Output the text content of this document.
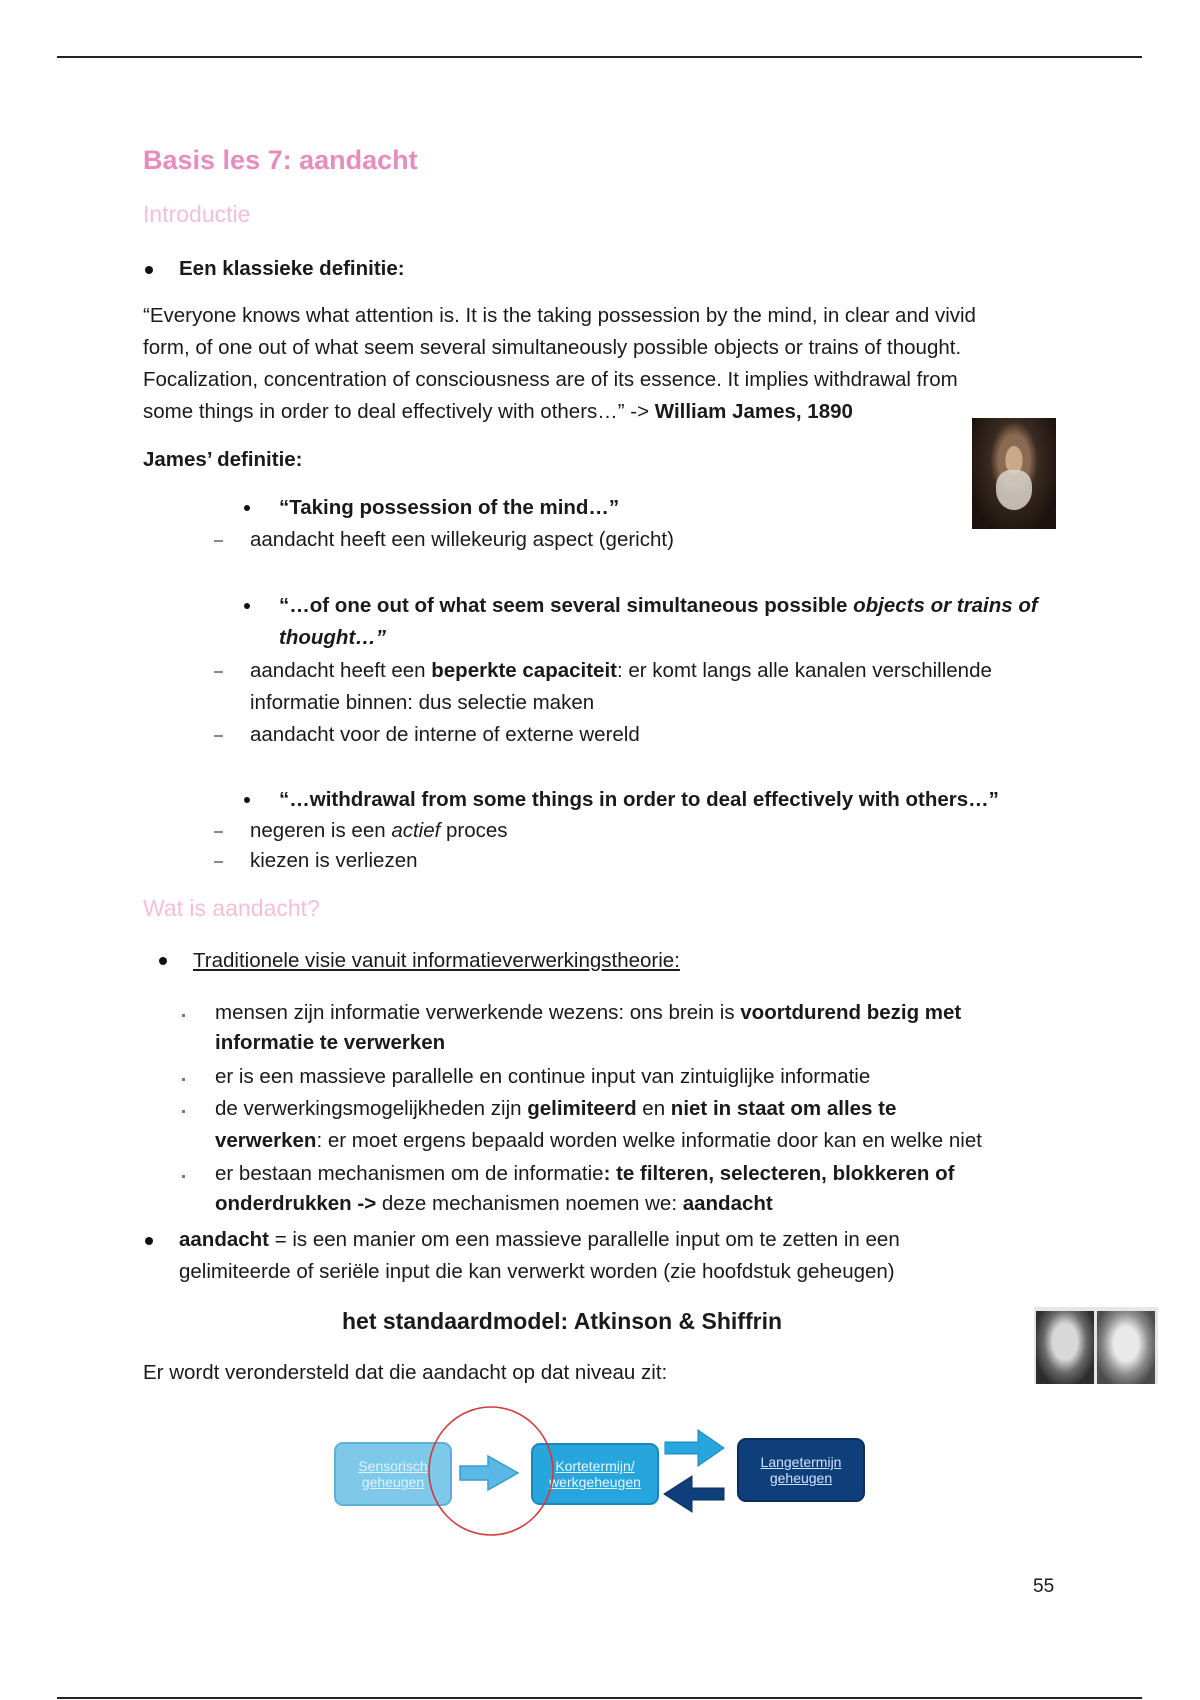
Basis les 7: aandacht
Introductie
Een klassieke definitie:
“Everyone knows what attention is. It is the taking possession by the mind, in clear and vivid
form, of one out of what seem several simultaneously possible objects or trains of thought.
Focalization, concentration of consciousness are of its essence. It implies withdrawal from
some things in order to deal effectively with others…” -> William James, 1890
James’ definitie:
“Taking possession of the mind…”
aandacht heeft een willekeurig aspect (gericht)
“…of one out of what seem several simultaneous possible objects or trains of
thought…”
aandacht heeft een beperkte capaciteit: er komt langs alle kanalen verschillende
informatie binnen: dus selectie maken
aandacht voor de interne of externe wereld
“…withdrawal from some things in order to deal effectively with others…”
negeren is een actief proces
kiezen is verliezen
Wat is aandacht?
Traditionele visie vanuit informatieverwerkingstheorie:
mensen zijn informatie verwerkende wezens: ons brein is voortdurend bezig met
informatie te verwerken
er is een massieve parallelle en continue input van zintuiglijke informatie
de verwerkingsmogelijkheden zijn gelimiteerd en niet in staat om alles te
verwerken: er moet ergens bepaald worden welke informatie door kan en welke niet
er bestaan mechanismen om de informatie: te filteren, selecteren, blokkeren of
onderdrukken -> deze mechanismen noemen we: aandacht
aandacht = is een manier om een massieve parallelle input om te zetten in een
gelimiteerde of seriële input die kan verwerkt worden (zie hoofdstuk geheugen)
het standaardmodel: Atkinson & Shiffrin
Er wordt verondersteld dat die aandacht op dat niveau zit:
Sensorisch
geheugen
Kortetermijn/
werkgeheugen
Langetermijn
geheugen
55
